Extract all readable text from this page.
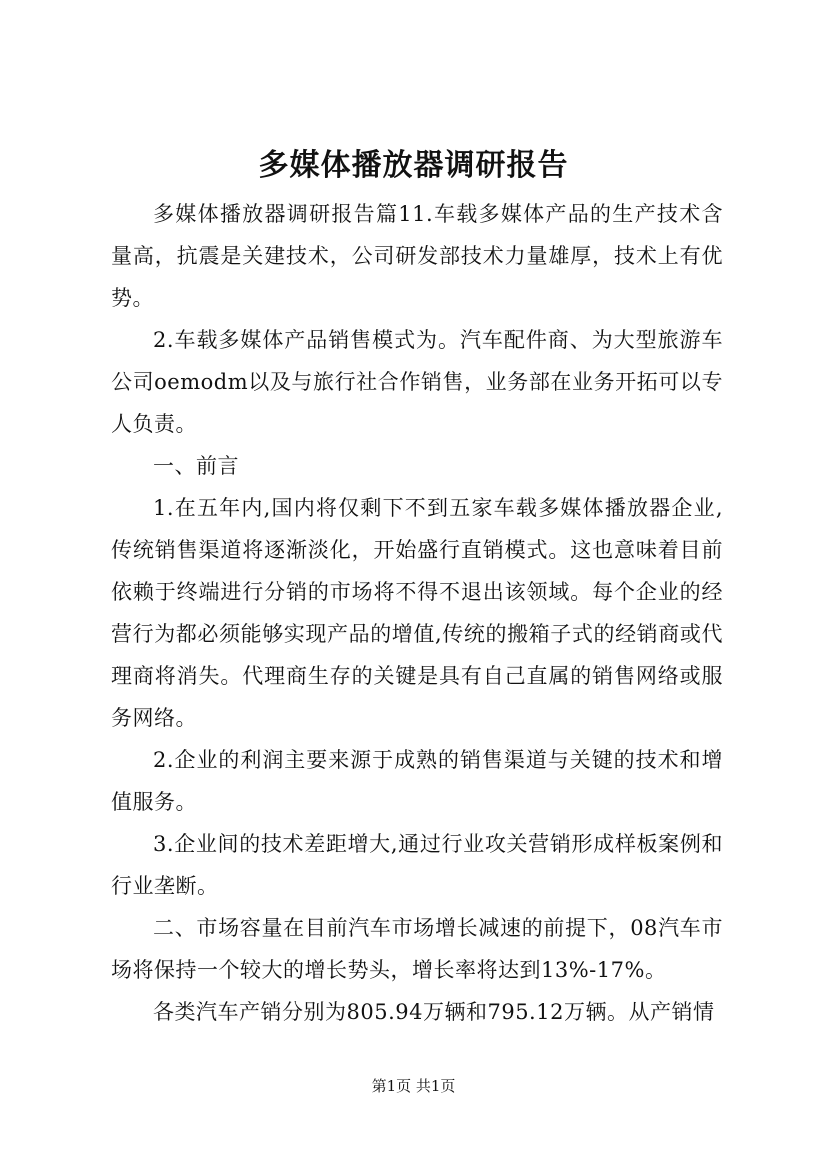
多媒体播放器调研报告

多媒体播放器调研报告篇11.车载多媒体产品的生产技术含量高，抗震是关建技术，公司研发部技术力量雄厚，技术上有优势。

2.车载多媒体产品销售模式为。汽车配件商、为大型旅游车公司oemodm以及与旅行社合作销售，业务部在业务开拓可以专人负责。

一、前言

1.在五年内,国内将仅剩下不到五家车载多媒体播放器企业,传统销售渠道将逐渐淡化，开始盛行直销模式。这也意味着目前依赖于终端进行分销的市场将不得不退出该领域。每个企业的经营行为都必须能够实现产品的增值,传统的搬箱子式的经销商或代理商将消失。代理商生存的关键是具有自己直属的销售网络或服务网络。

2.企业的利润主要来源于成熟的销售渠道与关键的技术和增值服务。

3.企业间的技术差距增大,通过行业攻关营销形成样板案例和行业垄断。

二、市场容量在目前汽车市场增长减速的前提下，08汽车市场将保持一个较大的增长势头，增长率将达到13%-17%。

各类汽车产销分别为805.94万辆和795.12万辆。从产销情

第1页 共1页
